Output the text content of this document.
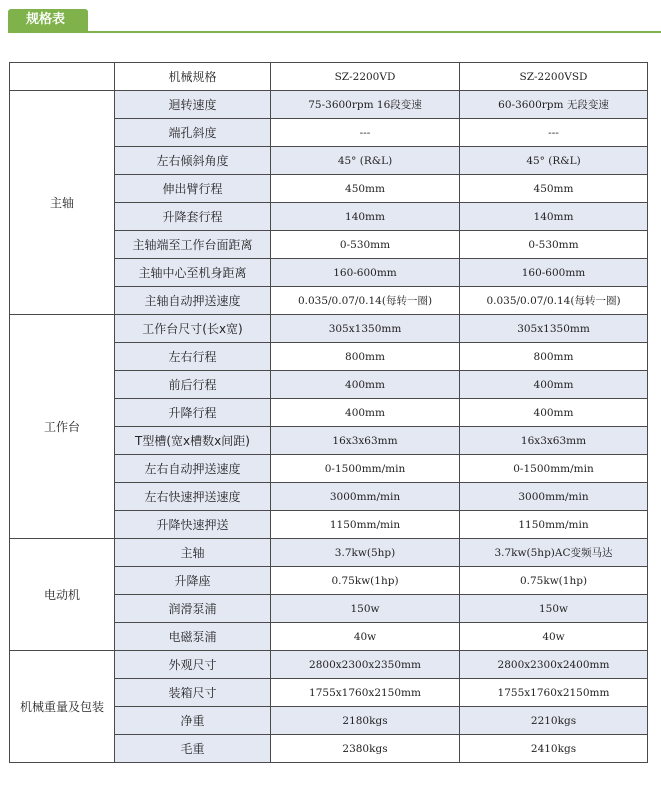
规格表
	机械规格	SZ-2200VD	SZ-2200VSD
主轴	迴转速度	75-3600rpm 16段变速	60-3600rpm 无段变速
	端孔斜度	---	---
	左右倾斜角度	45° (R&L)	45° (R&L)
	伸出臂行程	450mm	450mm
	升降套行程	140mm	140mm
	主轴端至工作台面距离	0-530mm	0-530mm
	主轴中心至机身距离	160-600mm	160-600mm
	主轴自动押送速度	0.035/0.07/0.14(每转一圈)	0.035/0.07/0.14(每转一圈)
工作台	工作台尺寸(长x宽)	305x1350mm	305x1350mm
	左右行程	800mm	800mm
	前后行程	400mm	400mm
	升降行程	400mm	400mm
	T型槽(宽x槽数x间距)	16x3x63mm	16x3x63mm
	左右自动押送速度	0-1500mm/min	0-1500mm/min
	左右快速押送速度	3000mm/min	3000mm/min
	升降快速押送	1150mm/min	1150mm/min
电动机	主轴	3.7kw(5hp)	3.7kw(5hp)AC变频马达
	升降座	0.75kw(1hp)	0.75kw(1hp)
	润滑泵浦	150w	150w
	电磁泵浦	40w	40w
机械重量及包装	外观尺寸	2800x2300x2350mm	2800x2300x2400mm
	装箱尺寸	1755x1760x2150mm	1755x1760x2150mm
	净重	2180kgs	2210kgs
	毛重	2380kgs	2410kgs
